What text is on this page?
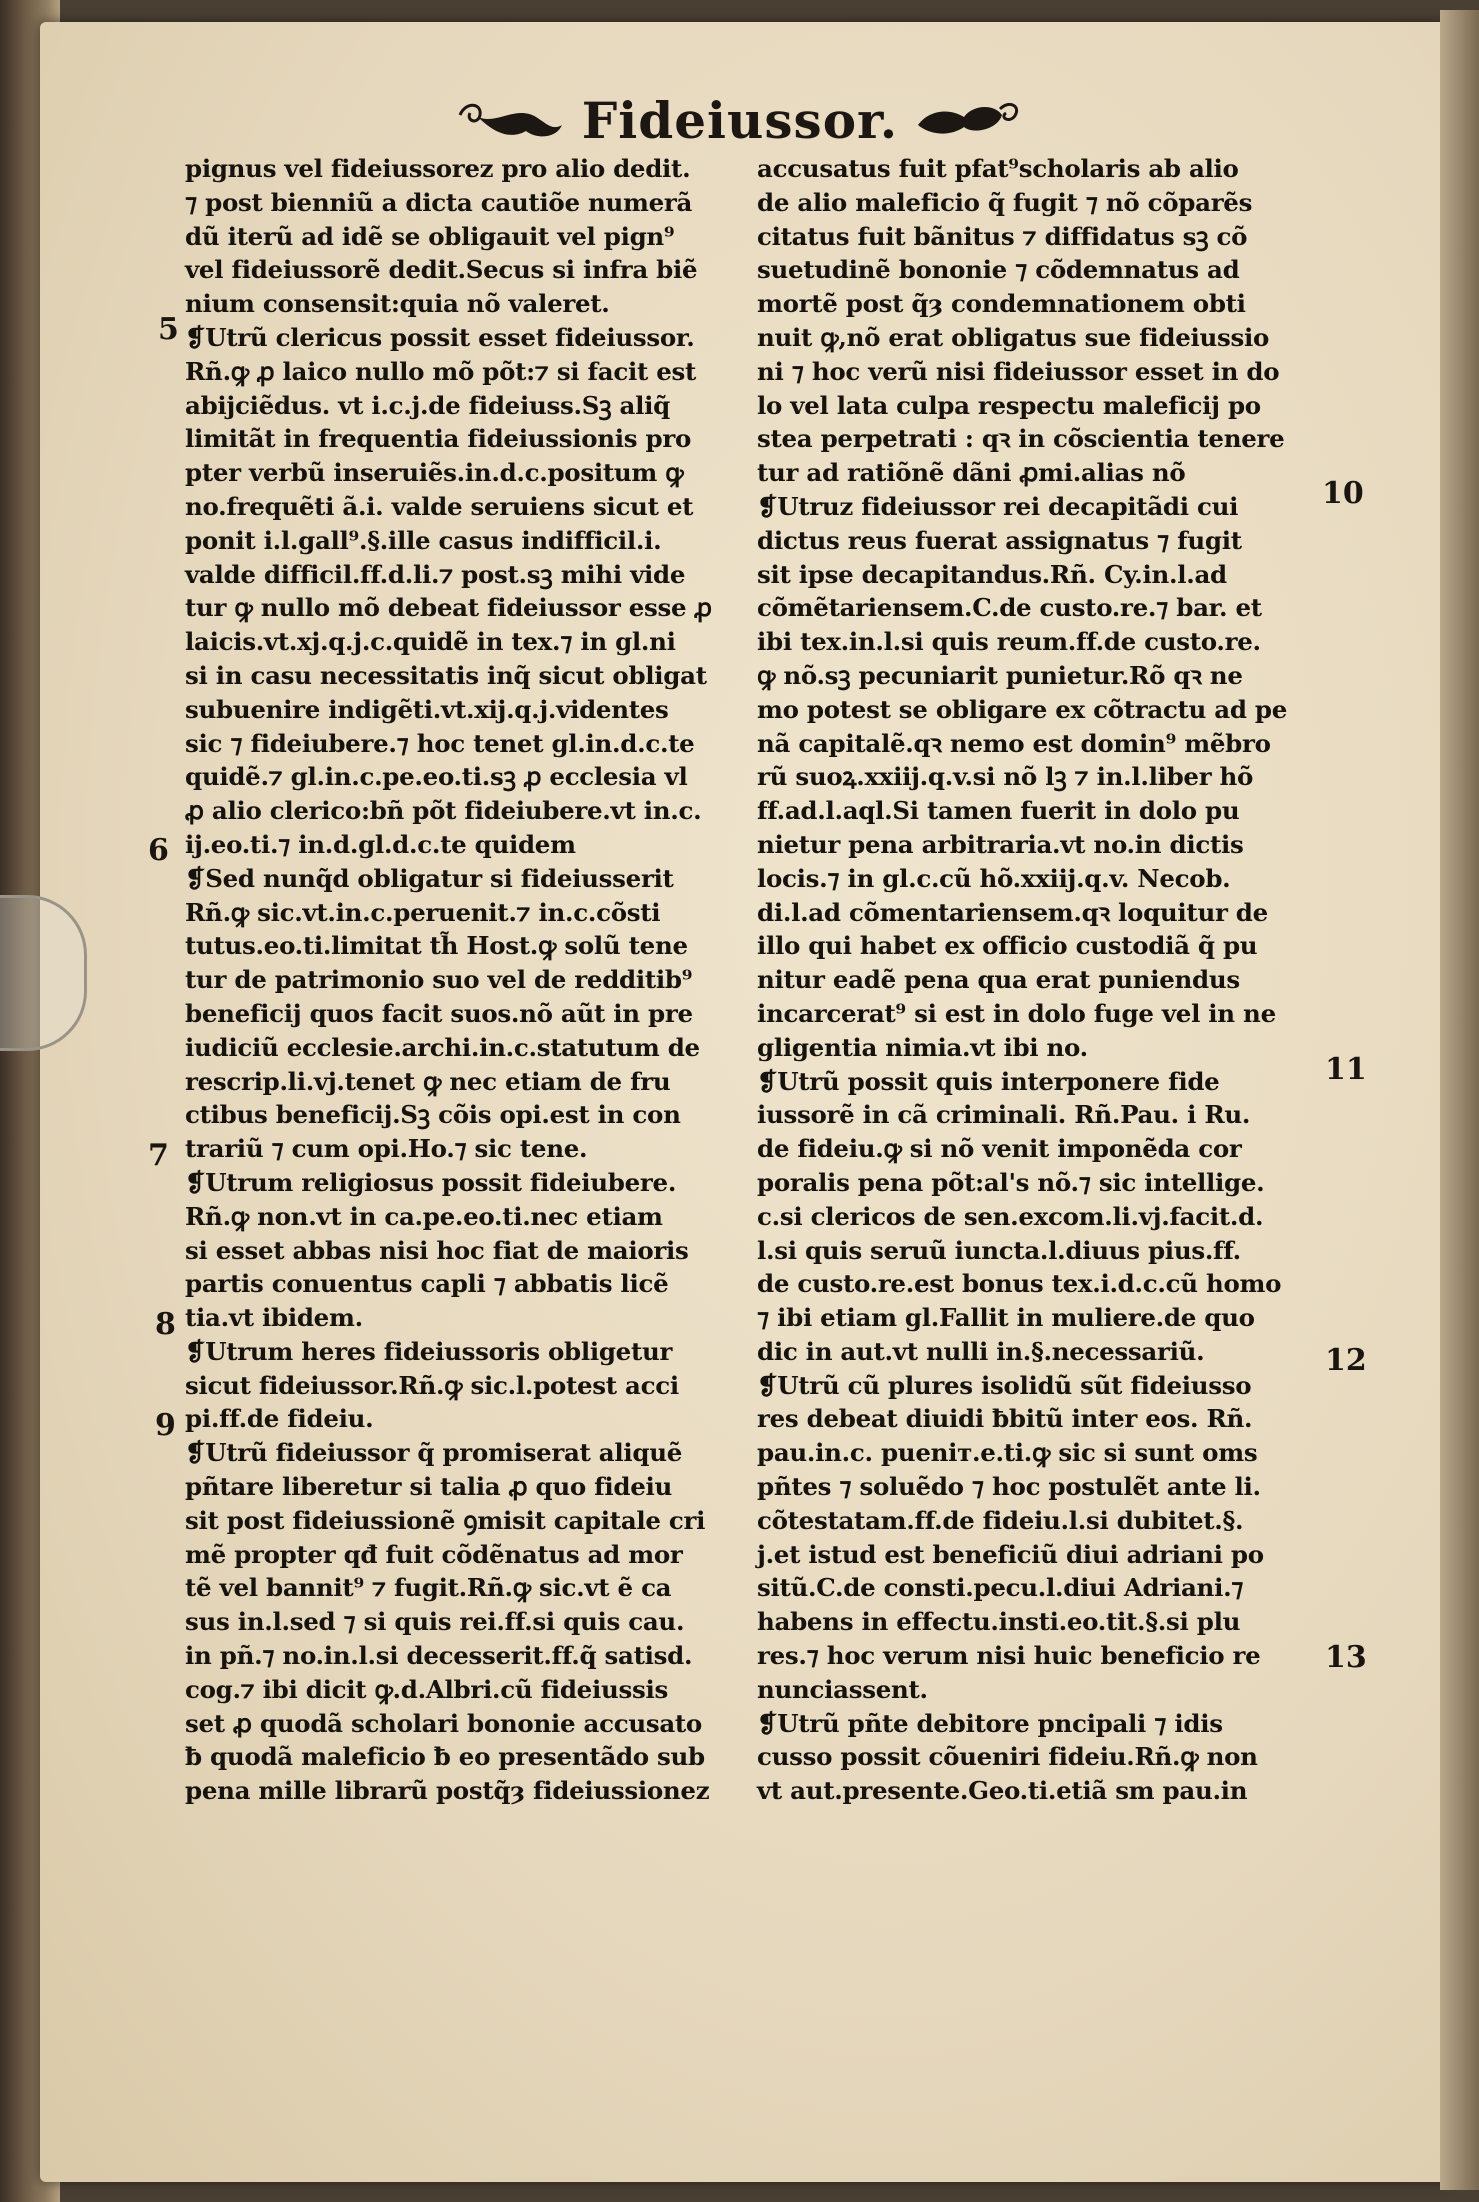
Fideiussor.
pignus vel fideiussorez pro alio dedit.
⁊ post bienniũ a dicta cautiõe numerã
dũ iterũ ad idẽ se obligauit vel pign⁹
vel fideiussorẽ dedit.Secus si infra biẽ
nium consensit:quia nõ valeret.
❡Utrũ clericus possit esset fideiussor.
Rñ.ꝙ ꝓ laico nullo mõ põt:⁊ si facit est
abijciẽdus. vt i.c.j.de fideiuss.Sꝫ aliq̃
limitãt in frequentia fideiussionis pro
pter verbũ inseruiẽs.in.d.c.positum ꝙ
no.frequẽti ã.i. valde seruiens sicut et
ponit i.l.gall⁹.§.ille casus indifficil.i.
valde difficil.ff.d.li.⁊ post.sꝫ mihi vide
tur ꝙ nullo mõ debeat fideiussor esse ꝓ
laicis.vt.xj.q.j.c.quidẽ in tex.⁊ in gl.ni
si in casu necessitatis inq̃ sicut obligat
subuenire indigẽti.vt.xij.q.j.videntes
sic ⁊ fideiubere.⁊ hoc tenet gl.in.d.c.te
quidẽ.⁊ gl.in.c.pe.eo.ti.sꝫ ꝓ ecclesia vl
ꝓ alio clerico:bñ põt fideiubere.vt in.c.
ij.eo.ti.⁊ in.d.gl.d.c.te quidem
❡Sed nunq̃d obligatur si fideiusserit
Rñ.ꝙ sic.vt.in.c.peruenit.⁊ in.c.cõsti
tutus.eo.ti.limitat th̃ Host.ꝙ solũ tene
tur de patrimonio suo vel de redditib⁹
beneficij quos facit suos.nõ aũt in pre
iudiciũ ecclesie.archi.in.c.statutum de
rescrip.li.vj.tenet ꝙ nec etiam de fru
ctibus beneficij.Sꝫ cõis opi.est in con
trariũ ⁊ cum opi.Ho.⁊ sic tene.
❡Utrum religiosus possit fideiubere.
Rñ.ꝙ non.vt in ca.pe.eo.ti.nec etiam
si esset abbas nisi hoc fiat de maioris
partis conuentus capli ⁊ abbatis licẽ
tia.vt ibidem.
❡Utrum heres fideiussoris obligetur
sicut fideiussor.Rñ.ꝙ sic.l.potest acci
pi.ff.de fideiu.
❡Utrũ fideiussor q̃ promiserat aliquẽ
pñtare liberetur si talia ꝓ quo fideiu
sit post fideiussionẽ ꝯmisit capitale cri
mẽ propter qđ fuit cõdẽnatus ad mor
tẽ vel bannit⁹ ⁊ fugit.Rñ.ꝙ sic.vt ẽ ca
sus in.l.sed ⁊ si quis rei.ff.si quis cau.
in pñ.⁊ no.in.l.si decesserit.ff.q̃ satisd.
cog.⁊ ibi dicit ꝙ.d.Albri.cũ fideiussis
set ꝓ quodã scholari bononie accusato
ƀ quodã maleficio ƀ eo presentãdo sub
pena mille librarũ postq̃ȝ fideiussionez
accusatus fuit pfat⁹scholaris ab alio
de alio maleficio q̃ fugit ⁊ nõ cõparẽs
citatus fuit bãnitus ⁊ diffidatus sꝫ cõ
suetudinẽ bononie ⁊ cõdemnatus ad
mortẽ post q̃ȝ condemnationem obti
nuit ꝙ,nõ erat obligatus sue fideiussio
ni ⁊ hoc verũ nisi fideiussor esset in do
lo vel lata culpa respectu maleficij po
stea perpetrati : qꝛ in cõscientia tenere
tur ad ratiõnẽ dãni ꝓmi.alias nõ
❡Utruz fideiussor rei decapitãdi cui
dictus reus fuerat assignatus ⁊ fugit
sit ipse decapitandus.Rñ. Cy.in.l.ad
cõmẽtariensem.C.de custo.re.⁊ bar. et
ibi tex.in.l.si quis reum.ff.de custo.re.
ꝙ nõ.sꝫ pecuniarit punietur.Rõ qꝛ ne
mo potest se obligare ex cõtractu ad pe
nã capitalẽ.qꝛ nemo est domin⁹ mẽbro
rũ suoꝝ.xxiij.q.v.si nõ lꝫ ⁊ in.l.liber hõ
ff.ad.l.aql.Si tamen fuerit in dolo pu
nietur pena arbitraria.vt no.in dictis
locis.⁊ in gl.c.cũ hõ.xxiij.q.v. Necob.
di.l.ad cõmentariensem.qꝛ loquitur de
illo qui habet ex officio custodiã q̃ pu
nitur eadẽ pena qua erat puniendus
incarcerat⁹ si est in dolo fuge vel in ne
gligentia nimia.vt ibi no.
❡Utrũ possit quis interponere fide
iussorẽ in cã criminali. Rñ.Pau. i Ru.
de fideiu.ꝙ si nõ venit imponẽda cor
poralis pena põt:al's nõ.⁊ sic intellige.
c.si clericos de sen.excom.li.vj.facit.d.
l.si quis seruũ iuncta.l.diuus pius.ff.
de custo.re.est bonus tex.i.d.c.cũ homo
⁊ ibi etiam gl.Fallit in muliere.de quo
dic in aut.vt nulli in.§.necessariũ.
❡Utrũ cũ plures isolidũ sũt fideiusso
res debeat diuidi ƀbitũ inter eos. Rñ.
pau.in.c. pueniт.e.ti.ꝙ sic si sunt oms
pñtes ⁊ soluẽdo ⁊ hoc postulẽt ante li.
cõtestatam.ff.de fideiu.l.si dubitet.§.
j.et istud est beneficiũ diui adriani po
sitũ.C.de consti.pecu.l.diui Adriani.⁊
habens in effectu.insti.eo.tit.§.si plu
res.⁊ hoc verum nisi huic beneficio re
nunciassent.
❡Utrũ pñte debitore pncipali ⁊ idis
cusso possit cõueniri fideiu.Rñ.ꝙ non
vt aut.presente.Geo.ti.etiã sm pau.in
5
6
7
8
9
10
11
12
13
